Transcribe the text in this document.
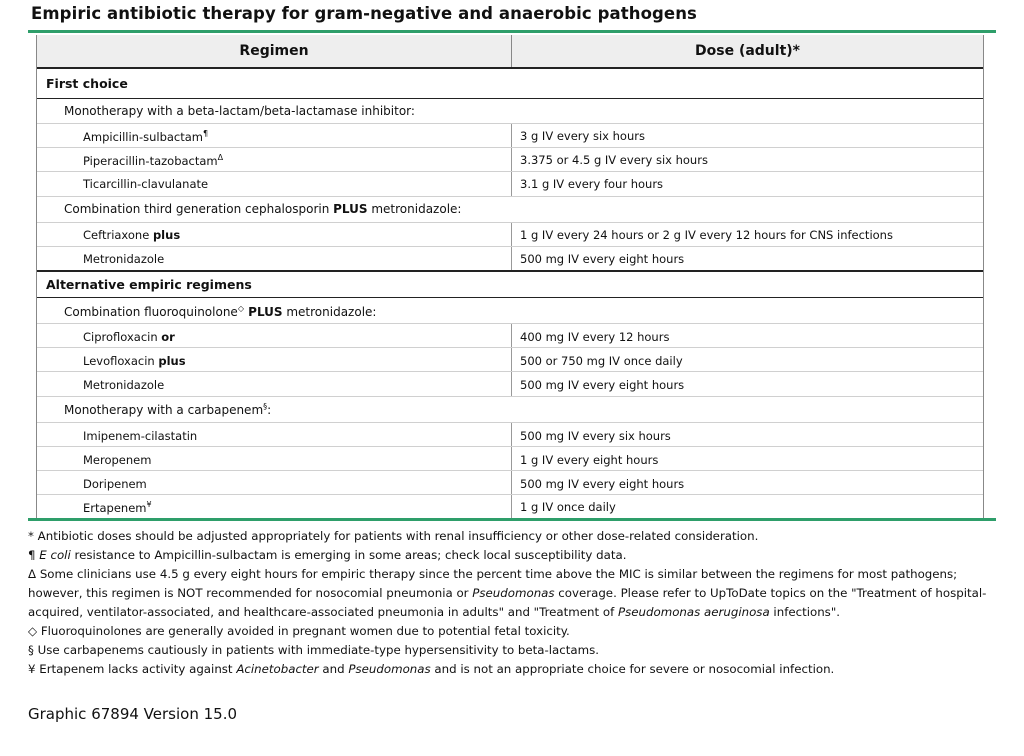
Empiric antibiotic therapy for gram-negative and anaerobic pathogens
Regimen	Dose (adult)*
First choice
Monotherapy with a beta-lactam/beta-lactamase inhibitor:
Ampicillin-sulbactam¶	3 g IV every six hours
Piperacillin-tazobactam$^\Delta$	3.375 or 4.5 g IV every six hours
Ticarcillin-clavulanate	3.1 g IV every four hours
Combination third generation cephalosporin PLUS metronidazole:
Ceftriaxone plus	1 g IV every 24 hours or 2 g IV every 12 hours for CNS infections
Metronidazole	500 mg IV every eight hours
Alternative empiric regimens
Combination fluoroquinolone◇ PLUS metronidazole:
Ciprofloxacin or	400 mg IV every 12 hours
Levofloxacin plus	500 or 750 mg IV once daily
Metronidazole	500 mg IV every eight hours
Monotherapy with a carbapenem§:
Imipenem-cilastatin	500 mg IV every six hours
Meropenem	1 g IV every eight hours
Doripenem	500 mg IV every eight hours
Ertapenem¥	1 g IV once daily
* Antibiotic doses should be adjusted appropriately for patients with renal insufficiency or other dose-related consideration.
¶ E coli resistance to Ampicillin-sulbactam is emerging in some areas; check local susceptibility data.
Δ Some clinicians use 4.5 g every eight hours for empiric therapy since the percent time above the MIC is similar between the regimens for most pathogens; however, this regimen is NOT recommended for nosocomial pneumonia or Pseudomonas coverage. Please refer to UpToDate topics on the "Treatment of hospital-acquired, ventilator-associated, and healthcare-associated pneumonia in adults" and "Treatment of Pseudomonas aeruginosa infections".
◇ Fluoroquinolones are generally avoided in pregnant women due to potential fetal toxicity.
§ Use carbapenems cautiously in patients with immediate-type hypersensitivity to beta-lactams.
¥ Ertapenem lacks activity against Acinetobacter and Pseudomonas and is not an appropriate choice for severe or nosocomial infection.
Graphic 67894 Version 15.0
